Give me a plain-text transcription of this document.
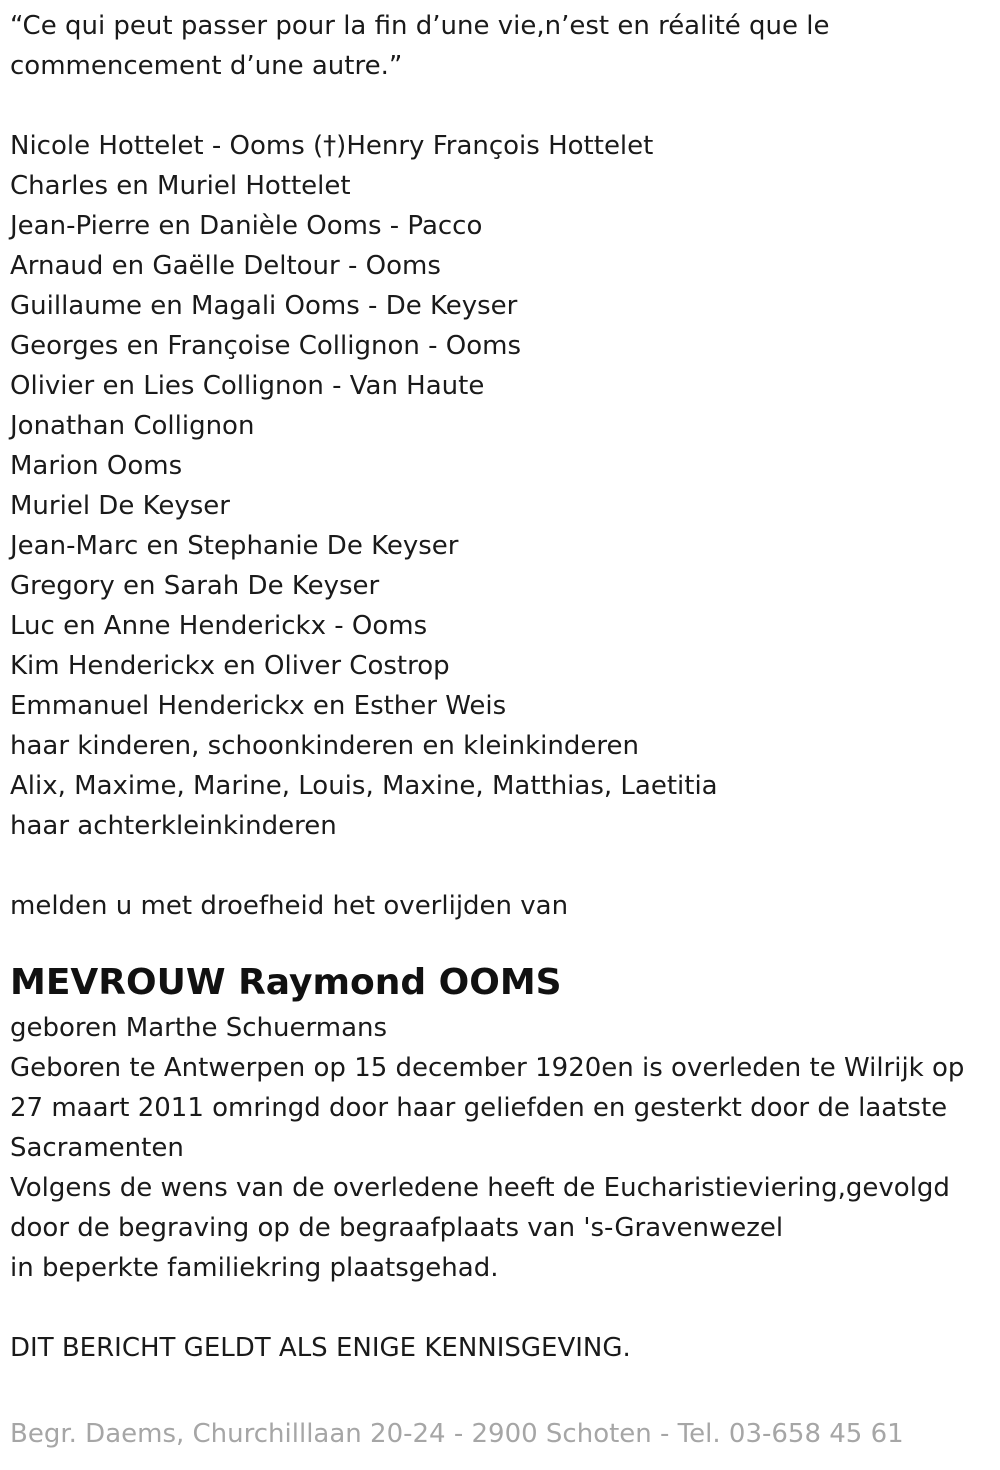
“Ce qui peut passer pour la fin d’une vie,n’est en réalité que le
commencement d’une autre.”
Nicole Hottelet - Ooms (†)Henry François Hottelet
Charles en Muriel Hottelet
Jean-Pierre en Danièle Ooms - Pacco
Arnaud en Gaëlle Deltour - Ooms
Guillaume en Magali Ooms - De Keyser
Georges en Françoise Collignon - Ooms
Olivier en Lies Collignon - Van Haute
Jonathan Collignon
Marion Ooms
Muriel De Keyser
Jean-Marc en Stephanie De Keyser
Gregory en Sarah De Keyser
Luc en Anne Henderickx - Ooms
Kim Henderickx en Oliver Costrop
Emmanuel Henderickx en Esther Weis
haar kinderen, schoonkinderen en kleinkinderen
Alix, Maxime, Marine, Louis, Maxine, Matthias, Laetitia
haar achterkleinkinderen
melden u met droefheid het overlijden van
MEVROUW Raymond OOMS
geboren Marthe Schuermans
Geboren te Antwerpen op 15 december 1920en is overleden te Wilrijk op
27 maart 2011 omringd door haar geliefden en gesterkt door de laatste
Sacramenten
Volgens de wens van de overledene heeft de Eucharistieviering,gevolgd
door de begraving op de begraafplaats van 's-Gravenwezel
in beperkte familiekring plaatsgehad.
DIT BERICHT GELDT ALS ENIGE KENNISGEVING.
Begr. Daems, Churchilllaan 20-24 - 2900 Schoten - Tel. 03-658 45 61
